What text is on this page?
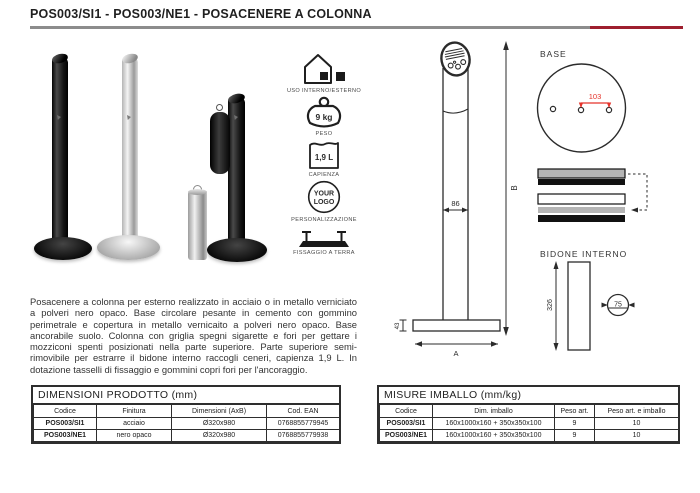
POS003/SI1 - POS003/NE1 - POSACENERE A COLONNA
USO INTERNO/ESTERNO
9 kg
PESO
1,9 L
CAPIENZA
YOUR
LOGO
PERSONALIZZAZIONE
FISSAGGIO A TERRA
86
43
A
B
BASE
103
BIDONE INTERNO
326	75
Posacenere a colonna per esterno realizzato in acciaio o in metallo verniciato a polveri nero opaco. Base circolare pesante in cemento con gommino perimetrale e copertura in metallo vernicaito a polveri nero opaco. Base ancorabile suolo. Colonna con griglia spegni sigarette e fori per gettare i mozziconi spenti posizionati nella parte superiore. Parte superiore semi-rimovibile per estrarre il bidone interno raccogli ceneri, capienza 1,9 L. In dotazione tasselli di fissaggio e gommini copri fori per l'ancoraggio.
DIMENSIONI PRODOTTO (mm)
Codice	Finitura	Dimensioni (AxB)	Cod. EAN
POS003/SI1	acciaio	Ø320x980	0768855779945
POS003/NE1	nero opaco	Ø320x980	0768855779938
MISURE IMBALLO (mm/kg)
Codice	Dim. imballo	Peso art.	Peso art. e imballo
POS003/SI1	160x1000x160 + 350x350x100	9	10
POS003/NE1	160x1000x160 + 350x350x100	9	10
